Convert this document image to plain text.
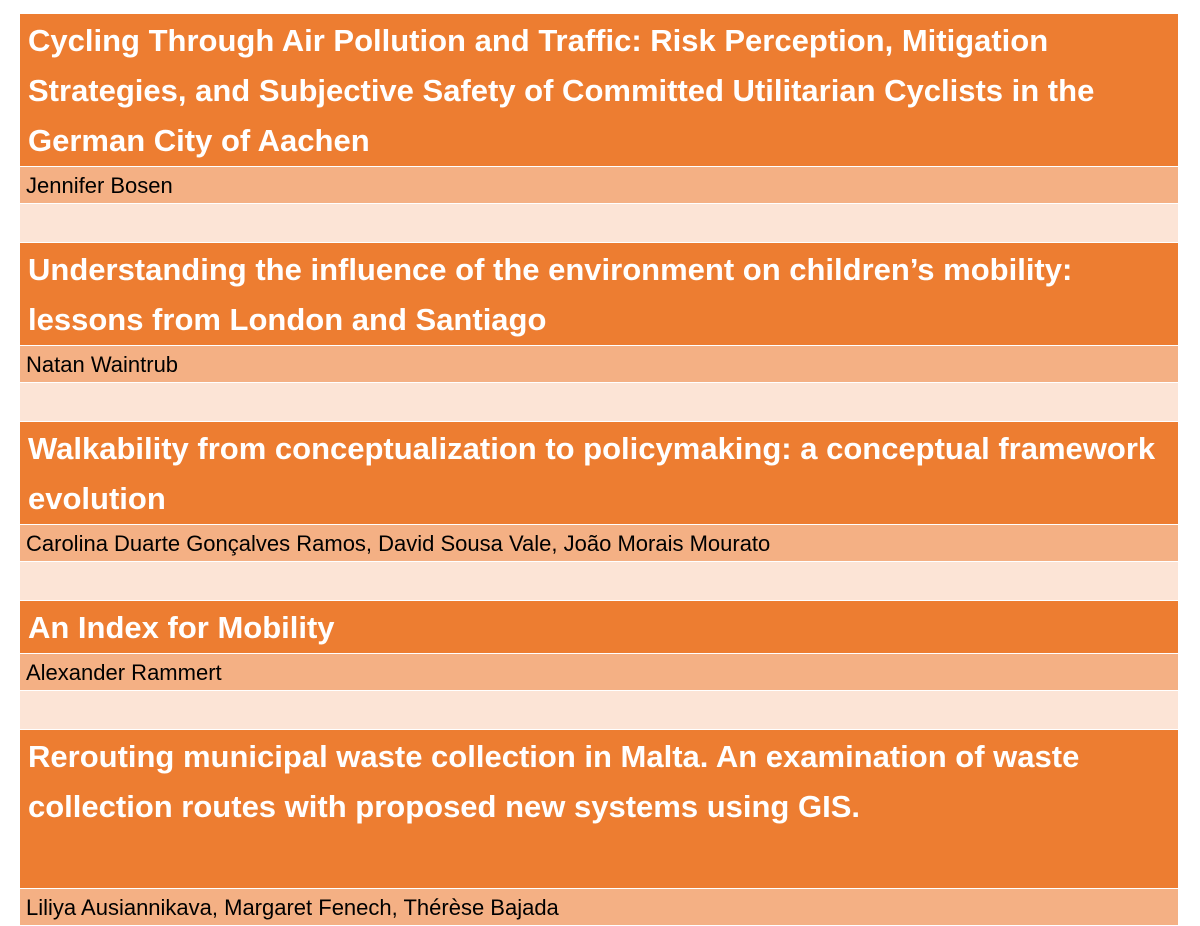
Cycling Through Air Pollution and Traffic: Risk Perception, Mitigation Strategies, and Subjective Safety of Committed Utilitarian Cyclists in the German City of Aachen
Jennifer Bosen
Understanding the influence of the environment on children’s mobility: lessons from London and Santiago
Natan Waintrub
Walkability from conceptualization to policymaking: a conceptual framework evolution
Carolina Duarte Gonçalves Ramos, David Sousa Vale, João Morais Mourato
An Index for Mobility
Alexander Rammert
Rerouting municipal waste collection in Malta. An examination of waste collection routes with proposed new systems using GIS.
Liliya Ausiannikava, Margaret Fenech, Thérèse Bajada
